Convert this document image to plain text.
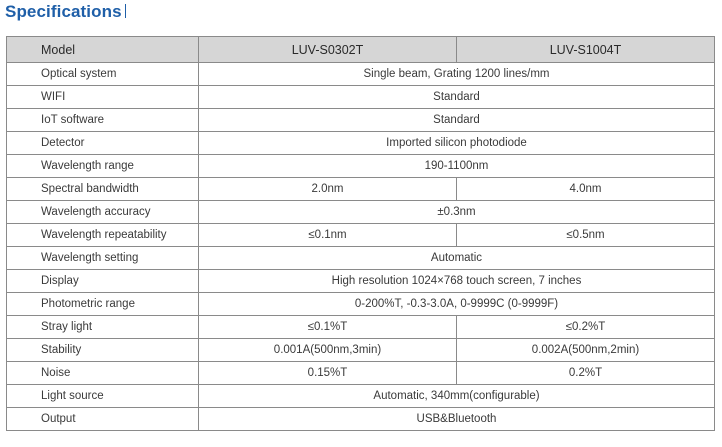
Specifications
Model	LUV-S0302T	LUV-S1004T
Optical system	Single beam, Grating 1200 lines/mm	
WIFI	Standard	
IoT software	Standard	
Detector	Imported silicon photodiode	
Wavelength range	190-1100nm	
Spectral bandwidth	2.0nm	4.0nm
Wavelength accuracy	±0.3nm	
Wavelength repeatability	≤0.1nm	≤0.5nm
Wavelength setting	Automatic	
Display	High resolution 1024×768 touch screen, 7 inches	
Photometric range	0-200%T, -0.3-3.0A, 0-9999C (0-9999F)	
Stray light	≤0.1%T	≤0.2%T
Stability	0.001A(500nm,3min)	0.002A(500nm,2min)
Noise	0.15%T	0.2%T
Light source	Automatic, 340mm(configurable)	
Output	USB&Bluetooth	
